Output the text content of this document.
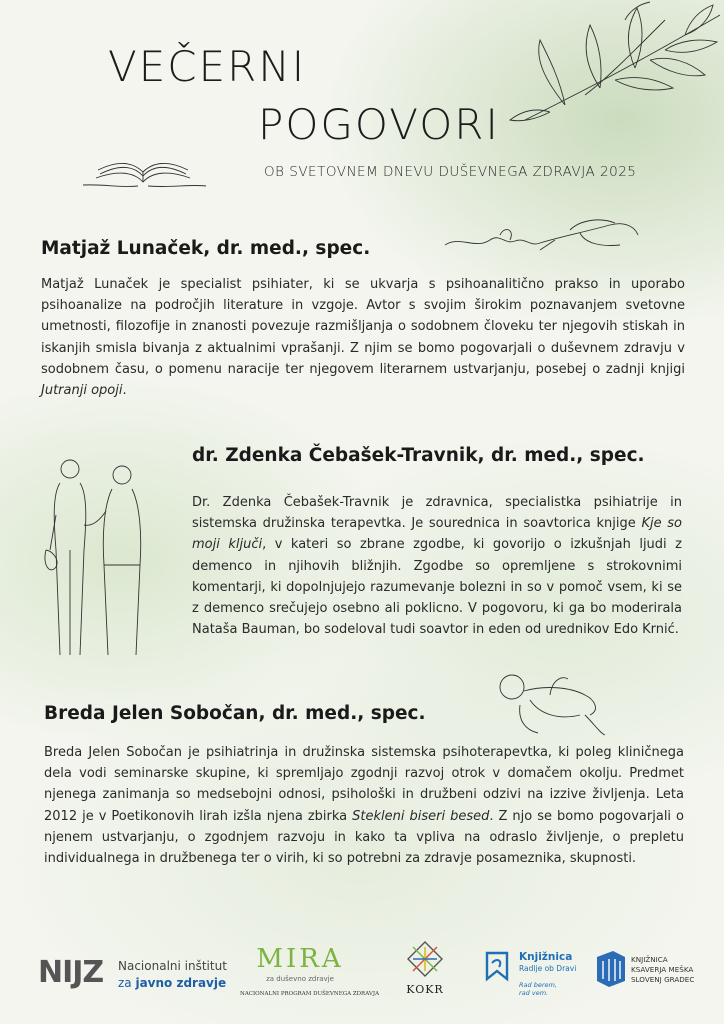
VEČERNI
POGOVORI
OB SVETOVNEM DNEVU DUŠEVNEGA ZDRAVJA 2025
Matjaž Lunaček, dr. med., spec.

Matjaž Lunaček je specialist psihiater, ki se ukvarja s psihoanalitično prakso in uporabo psihoanalize na področjih literature in vzgoje. Avtor s svojim širokim poznavanjem svetovne umetnosti, filozofije in znanosti povezuje razmišljanja o sodobnem človeku ter njegovih stiskah in iskanjih smisla bivanja z aktualnimi vprašanji. Z njim se bomo pogovarjali o duševnem zdravju v sodobnem času, o pomenu naracije ter njegovem literarnem ustvarjanju, posebej o zadnji knjigi Jutranji opoji.

dr. Zdenka Čebašek-Travnik, dr. med., spec.

Dr. Zdenka Čebašek-Travnik je zdravnica, specialistka psihiatrije in sistemska družinska terapevtka. Je sourednica in soavtorica knjige Kje so moji ključi, v kateri so zbrane zgodbe, ki govorijo o izkušnjah ljudi z demenco in njihovih bližnjih. Zgodbe so opremljene s strokovnimi komentarji, ki dopolnjujejo razumevanje bolezni in so v pomoč vsem, ki se z demenco srečujejo osebno ali poklicno. V pogovoru, ki ga bo moderirala Nataša Bauman, bo sodeloval tudi soavtor in eden od urednikov Edo Krnić.

Breda Jelen Sobočan, dr. med., spec.

Breda Jelen Sobočan je psihiatrinja in družinska sistemska psihoterapevtka, ki poleg kliničnega dela vodi seminarske skupine, ki spremljajo zgodnji razvoj otrok v domačem okolju. Predmet njenega zanimanja so medsebojni odnosi, psihološki in družbeni odzivi na izzive življenja. Leta 2012 je v Poetikonovih lirah izšla njena zbirka Stekleni biseri besed. Z njo se bomo pogovarjali o njenem ustvarjanju, o zgodnjem razvoju in kako ta vpliva na odraslo življenje, o prepletu individualnega in družbenega ter o virih, ki so potrebni za zdravje posameznika, skupnosti.

NIJZ Nacionalni inštitut
za javno zdravje
MIRA
za duševno zdravje
NACIONALNI PROGRAM DUŠEVNEGA ZDRAVJA KOKR
Knjižnica
Radlje ob Dravi
Rad berem,
rad vem.
KNJIŽNICA
KSAVERJA MEŠKA
SLOVENJ GRADEC
